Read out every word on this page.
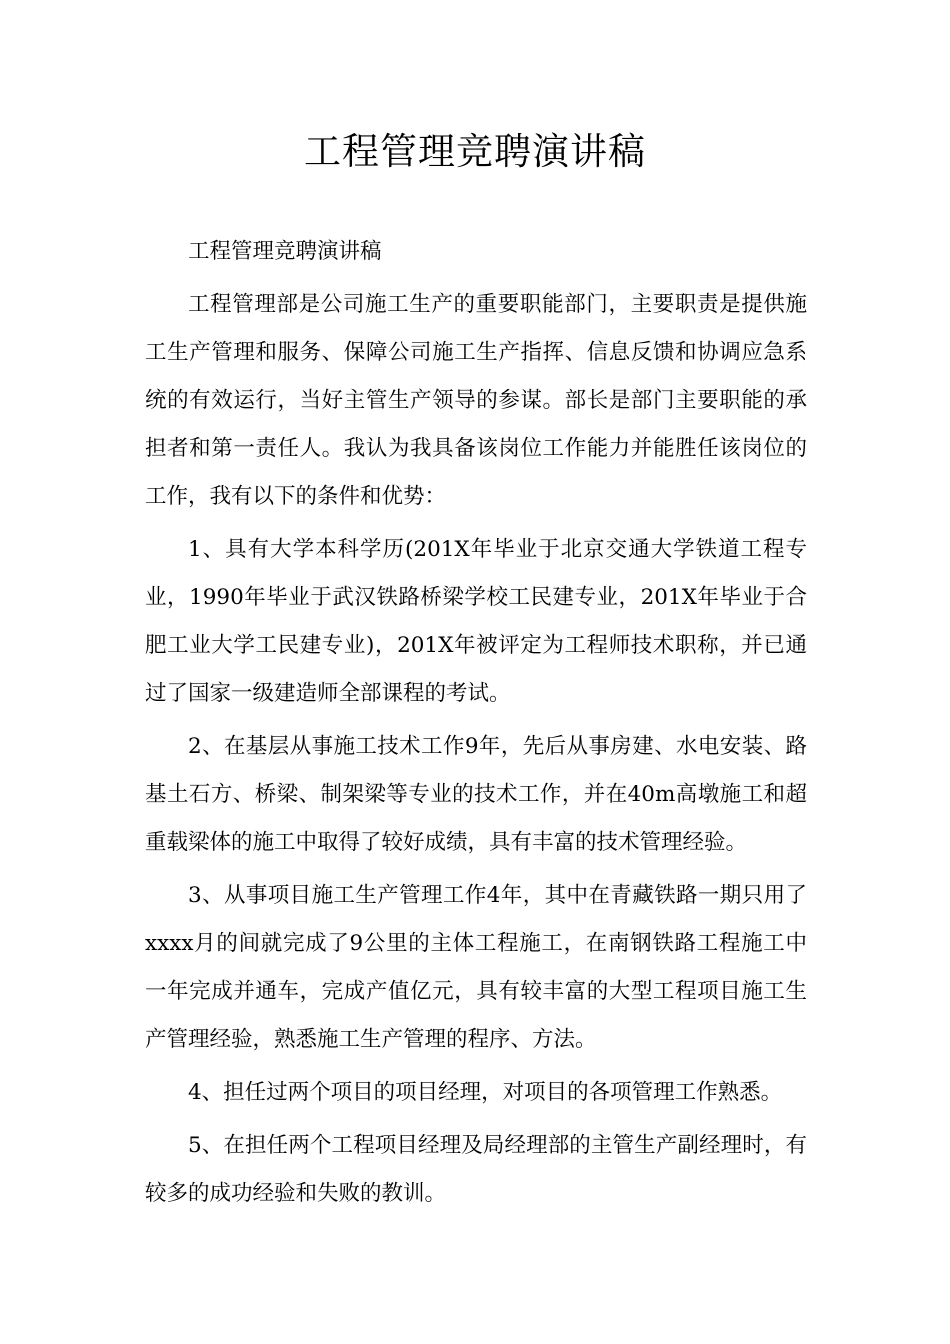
工程管理竞聘演讲稿

工程管理竞聘演讲稿

工程管理部是公司施工生产的重要职能部门，主要职责是提供施工生产管理和服务、保障公司施工生产指挥、信息反馈和协调应急系统的有效运行，当好主管生产领导的参谋。部长是部门主要职能的承担者和第一责任人。我认为我具备该岗位工作能力并能胜任该岗位的工作，我有以下的条件和优势：

1、具有大学本科学历(201X年毕业于北京交通大学铁道工程专业，1990年毕业于武汉铁路桥梁学校工民建专业，201X年毕业于合肥工业大学工民建专业)，201X年被评定为工程师技术职称，并已通过了国家一级建造师全部课程的考试。

2、在基层从事施工技术工作9年，先后从事房建、水电安装、路基土石方、桥梁、制架梁等专业的技术工作，并在40m高墩施工和超重载梁体的施工中取得了较好成绩，具有丰富的技术管理经验。

3、从事项目施工生产管理工作4年，其中在青藏铁路一期只用了xxxx月的间就完成了9公里的主体工程施工，在南钢铁路工程施工中一年完成并通车，完成产值亿元，具有较丰富的大型工程项目施工生产管理经验，熟悉施工生产管理的程序、方法。

4、担任过两个项目的项目经理，对项目的各项管理工作熟悉。

5、在担任两个工程项目经理及局经理部的主管生产副经理时，有较多的成功经验和失败的教训。
